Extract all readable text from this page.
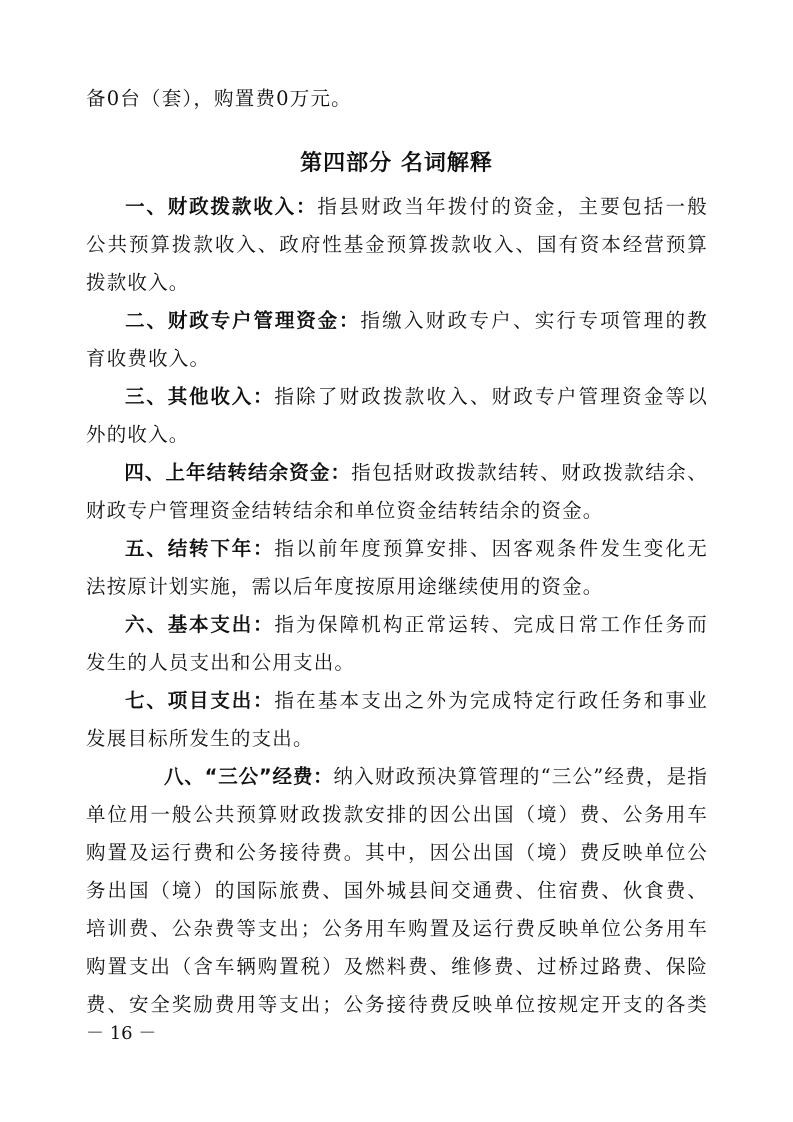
备0台（套），购置费0万元。
第四部分 名词解释
一、财政拨款收入：指县财政当年拨付的资金，主要包括一般
公共预算拨款收入、政府性基金预算拨款收入、国有资本经营预算
拨款收入。
二、财政专户管理资金：指缴入财政专户、实行专项管理的教
育收费收入。
三、其他收入：指除了财政拨款收入、财政专户管理资金等以
外的收入。
四、上年结转结余资金：指包括财政拨款结转、财政拨款结余、
财政专户管理资金结转结余和单位资金结转结余的资金。
五、结转下年：指以前年度预算安排、因客观条件发生变化无
法按原计划实施，需以后年度按原用途继续使用的资金。
六、基本支出：指为保障机构正常运转、完成日常工作任务而
发生的人员支出和公用支出。
七、项目支出：指在基本支出之外为完成特定行政任务和事业
发展目标所发生的支出。
八、“三公”经费：纳入财政预决算管理的“三公”经费，是指
单位用一般公共预算财政拨款安排的因公出国（境）费、公务用车
购置及运行费和公务接待费。其中，因公出国（境）费反映单位公
务出国（境）的国际旅费、国外城县间交通费、住宿费、伙食费、
培训费、公杂费等支出；公务用车购置及运行费反映单位公务用车
购置支出（含车辆购置税）及燃料费、维修费、过桥过路费、保险
费、安全奖励费用等支出；公务接待费反映单位按规定开支的各类
－ 16 －
